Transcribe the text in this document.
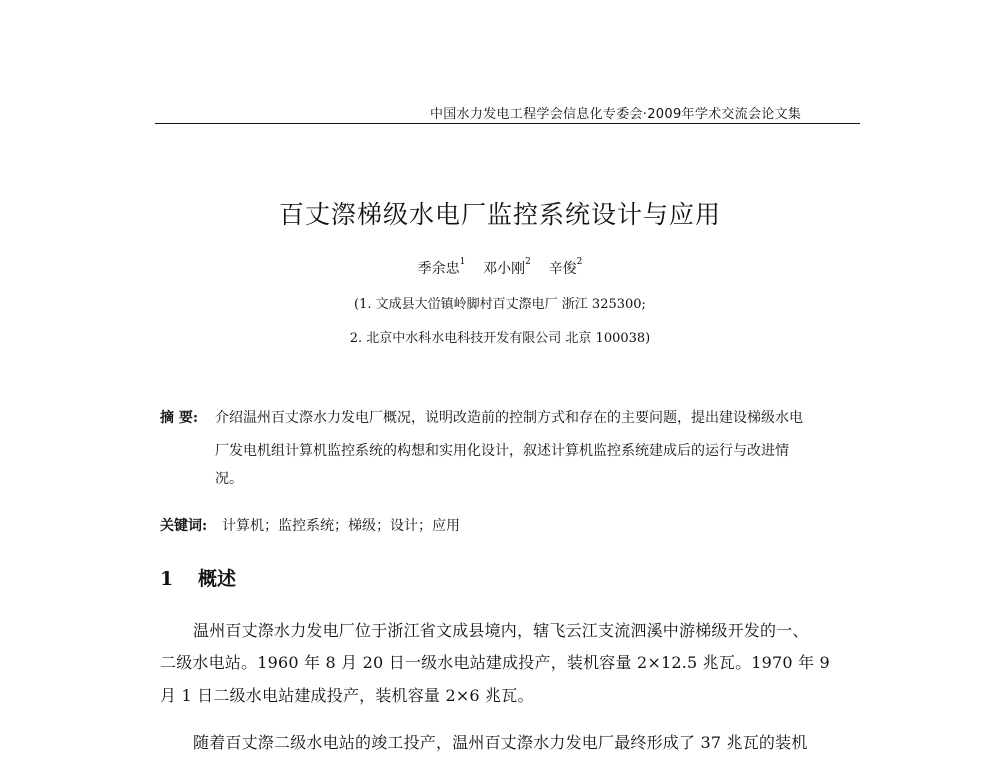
中国水力发电工程学会信息化专委会·2009年学术交流会论文集
百丈漈梯级水电厂监控系统设计与应用
季余忠$^1$ 邓小刚$^2$ 辛俊$^2$
(1. 文成县大峃镇岭脚村百丈漈电厂 浙江 325300;
2. 北京中水科水电科技开发有限公司 北京 100038)
摘 要: 介绍温州百丈漈水力发电厂概况，说明改造前的控制方式和存在的主要问题，提出建设梯级水电
厂发电机组计算机监控系统的构想和实用化设计，叙述计算机监控系统建成后的运行与改进情
况。
关键词: 计算机；监控系统；梯级；设计；应用
1 概述
温州百丈漈水力发电厂位于浙江省文成县境内，辖飞云江支流泗溪中游梯级开发的一、
二级水电站。1960 年 8 月 20 日一级水电站建成投产，装机容量 2×12.5 兆瓦。1970 年 9
月 1 日二级水电站建成投产，装机容量 2×6 兆瓦。
随着百丈漈二级水电站的竣工投产，温州百丈漈水力发电厂最终形成了 37 兆瓦的装机
